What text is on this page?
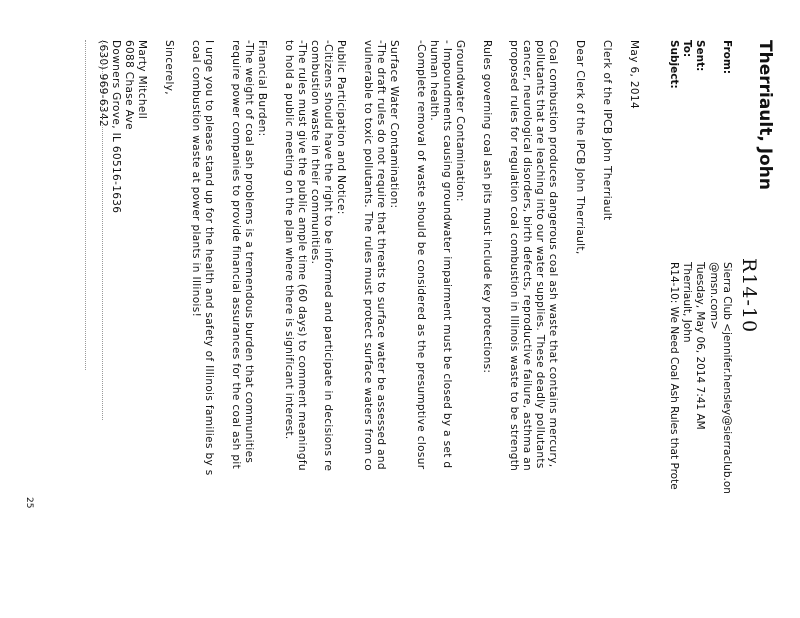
R14-10
Therriault, John
From:
Sierra Club <jennifer.hensley@sierraclub.on
@msn.com>
Sent:
Tuesday, May 06, 2014 7:41 AM
To:
Therriault, John
Subject:
R14-10: We Need Coal Ash Rules that Prote
May 6, 2014
Clerk of the IPCB John Therriault
Dear Clerk of the IPCB John Therriault,
Coal combustion produces dangerous coal ash waste that contains mercury,
pollutants that are leaching into our water supplies. These deadly pollutants
cancer, neurological disorders, birth defects, reproductive failure, asthma an
proposed rules for regulation coal combustion in Illinois waste to be strength
Rules governing coal ash pits must include key protections:
Groundwater Contamination:
- Impoundments causing groundwater impairment must be closed by a set d
human health.
-Complete removal of waste should be considered as the presumptive closur
Surface Water Contamination:
-The draft rules do not require that threats to surface water be assessed and
vulnerable to toxic pollutants. The rules must protect surface waters from co
Public Participation and Notice:
-Citizens should have the right to be informed and participate in decisions re
combustion waste in their communities.
-The rules must give the public ample time (60 days) to comment meaningfu
to hold a public meeting on the plan where there is significant interest.
Financial Burden:
-The weight of coal ash problems is a tremendous burden that communities
require power companies to provide financial assurances for the coal ash pit
I urge you to please stand up for the health and safety of Illinois families by s
coal combustion waste at power plants in Illinois!
Sincerely,
Marty Mitchell
6088 Chase Ave
Downers Grove, IL 60516-1636
(630) 969-6342
25
